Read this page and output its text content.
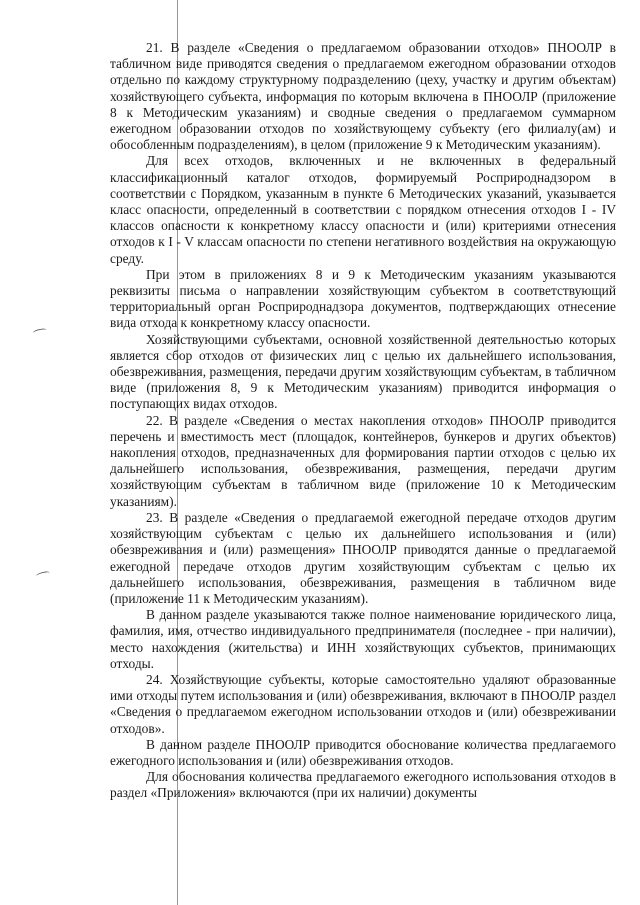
21. В разделе «Сведения о предлагаемом образовании отходов» ПНООЛР в табличном виде приводятся сведения о предлагаемом ежегодном образовании отходов отдельно по каждому структурному подразделению (цеху, участку и другим объектам) хозяйствующего субъекта, информация по которым включена в ПНООЛР (приложение 8 к Методическим указаниям) и сводные сведения о предлагаемом суммарном ежегодном образовании отходов по хозяйствующему субъекту (его филиалу(ам) и обособленным подразделениям), в целом (приложение 9 к Методическим указаниям).

Для всех отходов, включенных и не включенных в федеральный классификационный каталог отходов, формируемый Росприроднадзором в соответствии с Порядком, указанным в пункте 6 Методических указаний, указывается класс опасности, определенный в соответствии с порядком отнесения отходов I - IV классов опасности к конкретному классу опасности и (или) критериями отнесения отходов к I - V классам опасности по степени негативного воздействия на окружающую среду.

При этом в приложениях 8 и 9 к Методическим указаниям указываются реквизиты письма о направлении хозяйствующим субъектом в соответствующий территориальный орган Росприроднадзора документов, подтверждающих отнесение вида отхода к конкретному классу опасности.

Хозяйствующими субъектами, основной хозяйственной деятельностью которых является сбор отходов от физических лиц с целью их дальнейшего использования, обезвреживания, размещения, передачи другим хозяйствующим субъектам, в табличном виде (приложения 8, 9 к Методическим указаниям) приводится информация о поступающих видах отходов.

22. В разделе «Сведения о местах накопления отходов» ПНООЛР приводится перечень и вместимость мест (площадок, контейнеров, бункеров и других объектов) накопления отходов, предназначенных для формирования партии отходов с целью их дальнейшего использования, обезвреживания, размещения, передачи другим хозяйствующим субъектам в табличном виде (приложение 10 к Методическим указаниям).

23. В разделе «Сведения о предлагаемой ежегодной передаче отходов другим хозяйствующим субъектам с целью их дальнейшего использования и (или) обезвреживания и (или) размещения» ПНООЛР приводятся данные о предлагаемой ежегодной передаче отходов другим хозяйствующим субъектам с целью их дальнейшего использования, обезвреживания, размещения в табличном виде (приложение 11 к Методическим указаниям).

В данном разделе указываются также полное наименование юридического лица, фамилия, имя, отчество индивидуального предпринимателя (последнее - при наличии), место нахождения (жительства) и ИНН хозяйствующих субъектов, принимающих отходы.

24. Хозяйствующие субъекты, которые самостоятельно удаляют образованные ими отходы путем использования и (или) обезвреживания, включают в ПНООЛР раздел «Сведения о предлагаемом ежегодном использовании отходов и (или) обезвреживании отходов».

В данном разделе ПНООЛР приводится обоснование количества предлагаемого ежегодного использования и (или) обезвреживания отходов.

Для обоснования количества предлагаемого ежегодного использования отходов в раздел «Приложения» включаются (при их наличии) документы
